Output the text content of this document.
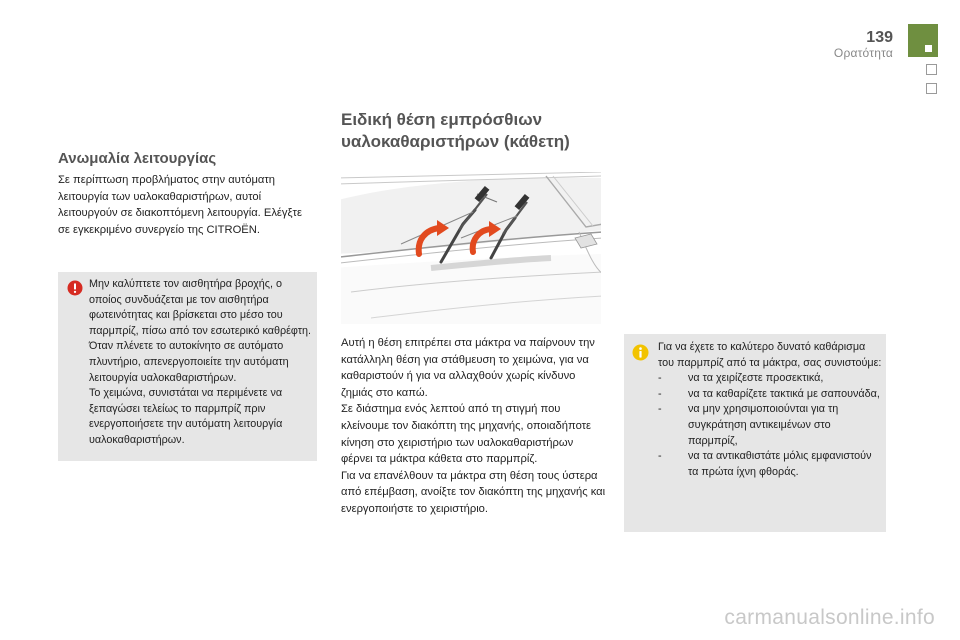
139
Ορατότητα
Ανωμαλία λειτουργίας

Σε περίπτωση προβλήματος στην αυτόματη λειτουργία των υαλοκαθαριστήρων, αυτοί λειτουργούν σε διακοπτόμενη λειτουργία. Ελέγξτε σε εγκεκριμένο συνεργείο της CITROËN.

Μην καλύπτετε τον αισθητήρα βροχής, ο οποίος συνδυάζεται με τον αισθητήρα φωτεινότητας και βρίσκεται στο μέσο του παρμπρίζ, πίσω από τον εσωτερικό καθρέφτη.

Όταν πλένετε το αυτοκίνητο σε αυτόματο πλυντήριο, απενεργοποιείτε την αυτόματη λειτουργία υαλοκαθαριστήρων.

Το χειμώνα, συνιστάται να περιμένετε να ξεπαγώσει τελείως το παρμπρίζ πριν ενεργοποιήσετε την αυτόματη λειτουργία υαλοκαθαριστήρων.

Ειδική θέση εμπρόσθιων υαλοκαθαριστήρων (κάθετη)

Αυτή η θέση επιτρέπει στα μάκτρα να παίρνουν την κατάλληλη θέση για στάθμευση το χειμώνα, για να καθαριστούν ή για να αλλαχθούν χωρίς κίνδυνο ζημιάς στο καπώ.

Σε διάστημα ενός λεπτού από τη στιγμή που κλείνουμε τον διακόπτη της μηχανής, οποιαδήποτε κίνηση στο χειριστήριο των υαλοκαθαριστήρων φέρνει τα μάκτρα κάθετα στο παρμπρίζ.

Για να επανέλθουν τα μάκτρα στη θέση τους ύστερα από επέμβαση, ανοίξτε τον διακόπτη της μηχανής και ενεργοποιήστε το χειριστήριο.

Για να έχετε το καλύτερο δυνατό καθάρισμα του παρμπρίζ από τα μάκτρα, σας συνιστούμε:

- να τα χειρίζεστε προσεκτικά,
- να τα καθαρίζετε τακτικά με σαπουνάδα,
- να μην χρησιμοποιούνται για τη συγκράτηση αντικειμένων στο παρμπρίζ,
- να τα αντικαθιστάτε μόλις εμφανιστούν τα πρώτα ίχνη φθοράς.
carmanualsonline.info
